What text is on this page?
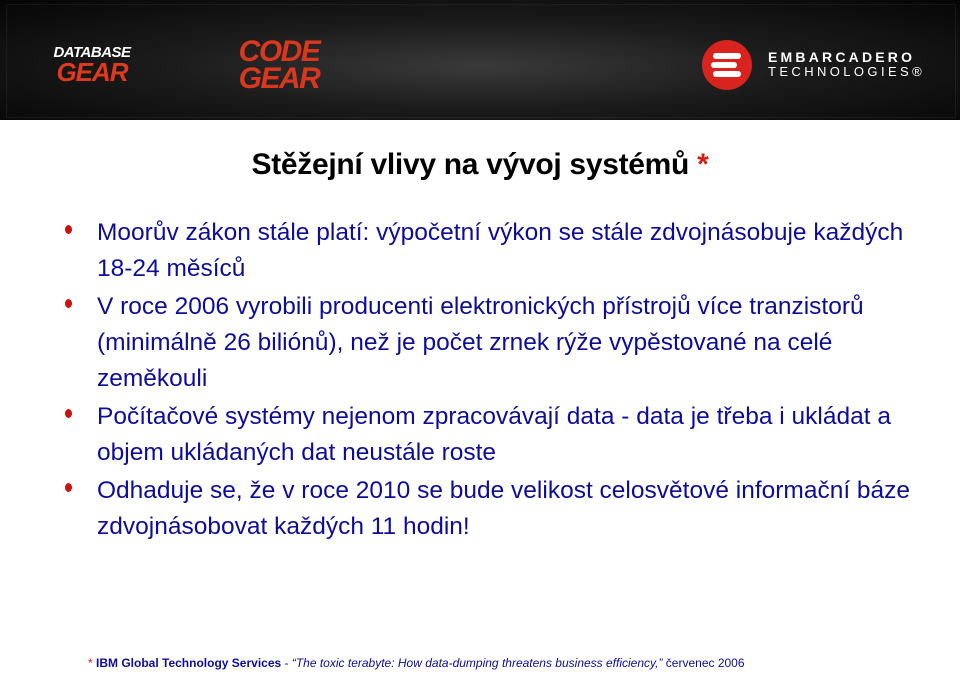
DATABASE
GEAR
CODE
GEAR
EMBARCADERO
TECHNOLOGIES®
Stěžejní vlivy na vývoj systémů *
Moorův zákon stále platí: výpočetní výkon se stále zdvojnásobuje každých 18-24 měsíců
V roce 2006 vyrobili producenti elektronických přístrojů více tranzistorů (minimálně 26 biliónů), než je počet zrnek rýže vypěstované na celé zeměkouli
Počítačové systémy nejenom zpracovávají data - data je třeba i ukládat a objem ukládaných dat neustále roste
Odhaduje se, že v roce 2010 se bude velikost celosvětové informační báze zdvojnásobovat každých 11 hodin!
* IBM Global Technology Services - “The toxic terabyte: How data-dumping threatens business efficiency,” červenec 2006
